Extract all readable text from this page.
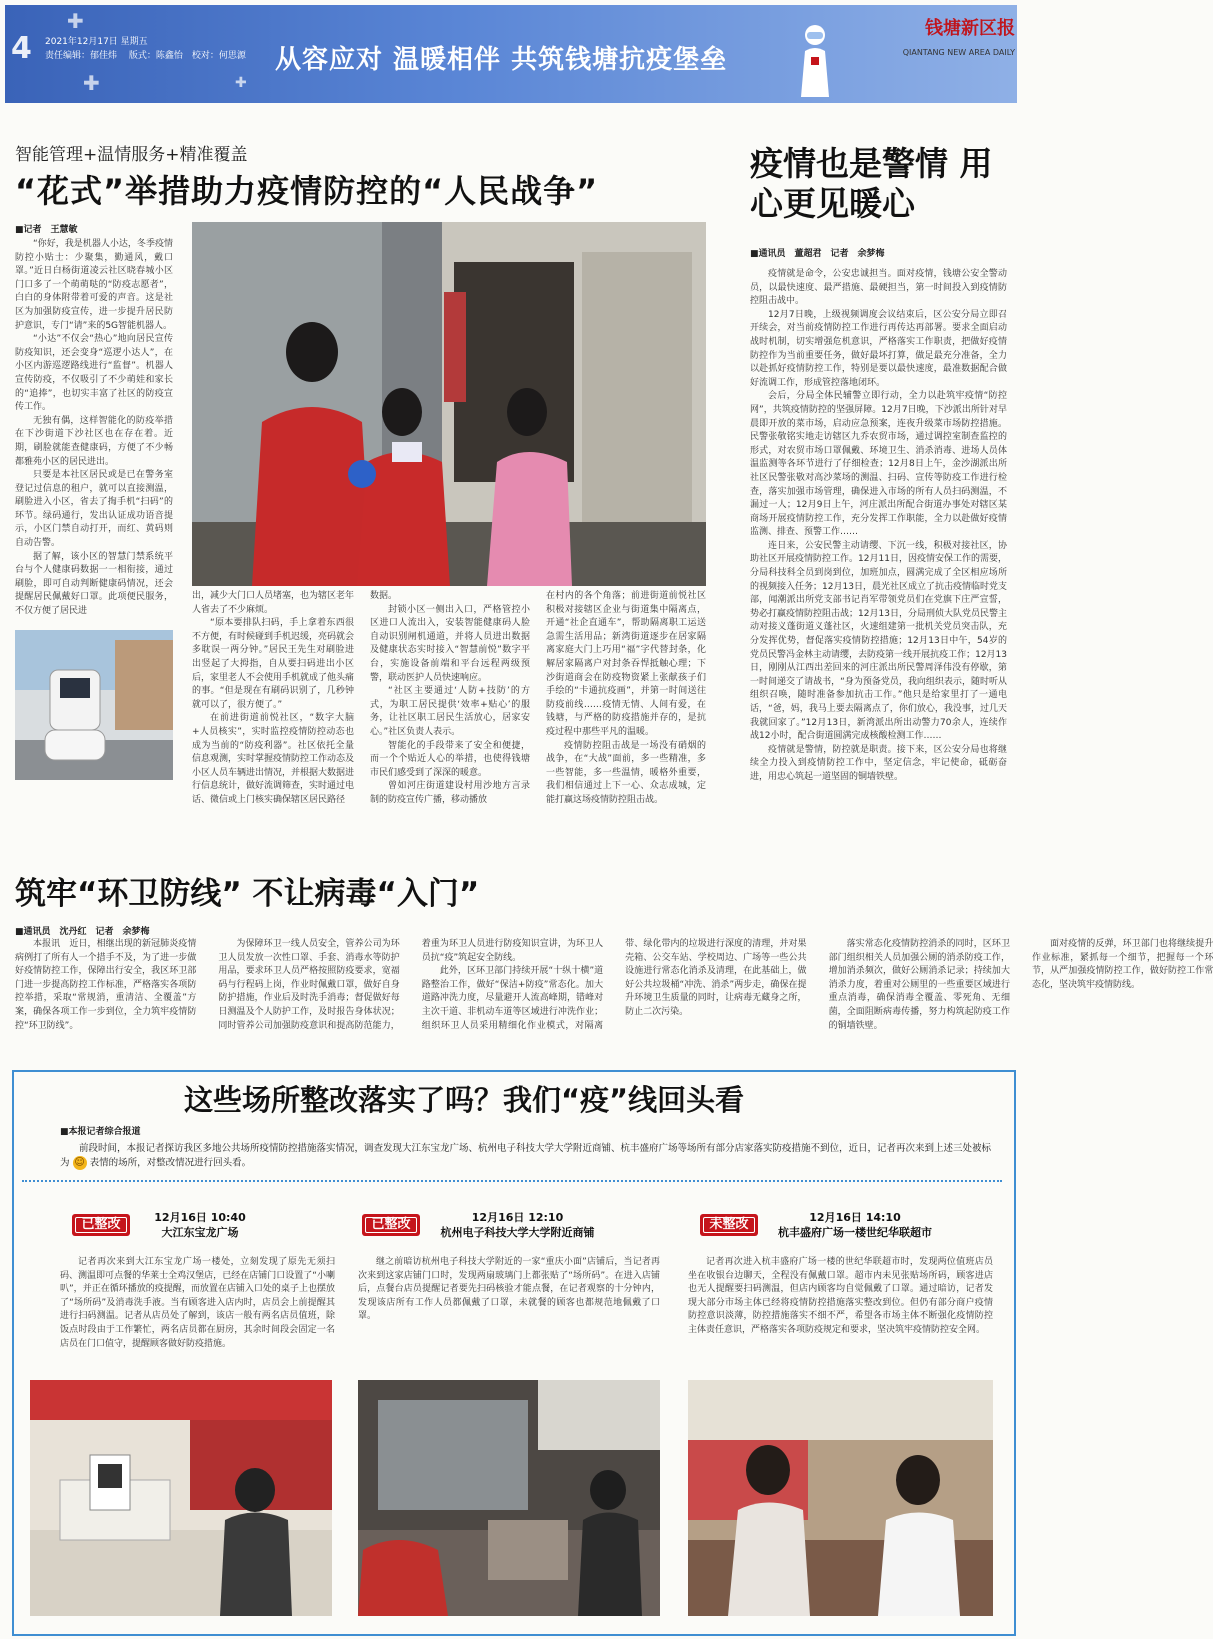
4
✚
✚	✚
2021年12月17日 星期五
责任编辑：郁佳炜　 版式：陈鑫怡　校对：何思源 从容应对 温暖相伴 共筑钱塘抗疫堡垒
钱塘新区报
QIANTANG NEW AREA DAILY
智能管理+温情服务+精准覆盖
“花式”举措助力疫情防控的“人民战争”
■记者　王慧敏

“你好，我是机器人小达，冬季疫情防控小贴士：少聚集，勤通风，戴口罩。”近日白杨街道凌云社区晓春城小区门口多了一个萌萌哒的“防疫志愿者”，白白的身体附带着可爱的声音。这是社区为加强防疫宣传，进一步提升居民防护意识，专门“请”来的5G智能机器人。

“小达”不仅会“热心”地向居民宣传防疫知识，还会变身“巡逻小达人”，在小区内游巡逻路线进行“监督”。机器人宣传防疫，不仅吸引了不少萌娃和家长的“追捧”，也切实丰富了社区的防疫宣传工作。

无独有偶，这样智能化的防疫举措在下沙街道下沙社区也在存在着。近期，刷脸就能查健康码，方便了不少畅都雅苑小区的居民进出。

只要是本社区居民或是已在警务室登记过信息的租户，就可以直接测温，刷脸进入小区，省去了掏手机“扫码”的环节。绿码通行，发出认证成功语音提示，小区门禁自动打开，而红、黄码则自动告警。

据了解，该小区的智慧门禁系统平台与个人健康码数据一一相衔接，通过刷脸，即可自动判断健康码情况，还会提醒居民佩戴好口罩。此项便民服务，不仅方便了居民进

出，减少大门口人员堵塞，也为辖区老年人省去了不少麻烦。

“原本要排队扫码，手上拿着东西很不方便，有时候碰到手机迟缓，亮码就会多耽误一两分钟。”居民王先生对刷脸进出竖起了大拇指，自从要扫码进出小区后，家里老人不会使用手机就成了他头痛的事。“但是现在有刷码识别了，几秒钟就可以了，很方便了。”

在前进街道前悦社区，“数字大脑+人员核实”，实时监控疫情防控动态也成为当前的“防疫利器”。社区依托全量信息观测，实时掌握疫情防控工作动态及小区人员车辆进出情况，并根据大数据进行信息统计，做好流调筛查，实时通过电话、微信或上门核实确保辖区居民路径

数据。

封锁小区一侧出入口，严格管控小区进口人流出入，安装智能健康码人脸自动识别闸机通道，并将人员进出数据及健康状态实时接入“智慧前悦”数字平台，实施设备前端和平台远程两级预警，联动医护人员快速响应。

“社区主要通过‘人防+技防’的方式，为职工居民提供‘效率+贴心’的服务，让社区职工居民生活放心，居家安心。”社区负责人表示。

智能化的手段带来了安全和便捷，而一个个贴近人心的举措，也使得钱塘市民们感受到了深深的暖意。

曾如河庄街道建设村用沙地方言录制的防疫宣传广播，移动播放

在村内的各个角落；前进街道前悦社区积极对接辖区企业与街道集中隔离点，开通“社企直通车”，帮助隔离职工运送急需生活用品；新湾街道逐步在居家隔离家庭大门上巧用“福”字代替封条，化解居家隔离户对封条吞悍抵触心理；下沙街道商会在防疫物资紧上张献孩子们手绘的“卡通抗疫画”，并第一时间送往防疫前线……疫情无情、人间有爱，在钱塘，与严格的防疫措施并存的，是抗疫过程中那些平凡的温暖。

疫情防控阻击战是一场没有硝烟的战争，在“大战”面前，多一些精准，多一些智能，多一些温情，暖格外重要，我们相信通过上下一心、众志成城，定能打赢这场疫情防控阻击战。

疫情也是警情 用心更见暖心
■通讯员　董超君　记者　余梦梅

疫情就是命令，公安忠诚担当。面对疫情，钱塘公安全警动员，以最快速度、最严措施、最硬担当，第一时间投入到疫情防控阻击战中。

12月7日晚，上级视频调度会议结束后，区公安分局立即召开续会，对当前疫情防控工作进行再传达再部署。要求全面启动战时机制，切实增强危机意识，严格落实工作职责，把做好疫情防控作为当前重要任务，做好最坏打算，做足最充分准备，全力以赴抓好疫情防控工作，特别是要以最快速度，最准数据配合做好流调工作，形成管控落地闭环。

会后，分局全体民辅警立即行动，全力以赴筑牢疫情“防控网”，共筑疫情防控的坚强屏障。12月7日晚，下沙派出所针对早晨即开放的菜市场，启动应急预案，连夜升级菜市场防控措施。民警张敬铭实地走访辖区九乔农贸市场，通过调控室制查监控的形式，对农贸市场口罩佩戴、环境卫生、消杀消毒、进场人员体温监测等各环节进行了仔细检查；12月8日上午，金沙湖派出所社区民警张敬对高沙菜场的测温、扫码、宣传等防疫工作进行检查，落实加强市场管理，确保进入市场的所有人员扫码测温，不漏过一人；12月9日上午，河庄派出所配合街道办事处对辖区某商场开展疫情防控工作，充分发挥工作职能，全力以赴做好疫情监测、排查、预警工作……

连日来，公安民警主动请缨、下沉一线，积极对接社区，协助社区开展疫情防控工作。12月11日，因疫情安保工作的需要，分局科技科全员到岗到位，加班加点，圆满完成了全区相应场所的视频接入任务；12月13日，晨光社区成立了抗击疫情临时党支部，闻潮派出所党支部书记肖军带领党员们在党旗下庄严宣誓，势必打赢疫情防控阻击战；12月13日，分局刑侦大队党员民警主动对接义蓬街道义蓬社区，火速组建第一批机关党员突击队，充分发挥优势，督促落实疫情防控措施；12月13日中午，54岁的党员民警冯金林主动请缨，去防疫第一线开展抗疫工作；12月13日，刚刚从江西出差回来的河庄派出所民警周泽伟没有停歇，第一时间递交了请战书，“身为预备党员，我向组织表示，随时听从组织召唤，随时准备参加抗击工作。”他只是给家里打了一通电话，“爸，妈，我马上要去隔离点了，你们放心，我没事，过几天我就回家了。”12月13日，新湾派出所出动警力70余人，连续作战12小时，配合街道圆满完成核酸检测工作……

疫情就是警情，防控就是职责。接下来，区公安分局也将继续全力投入到疫情防控工作中，坚定信念，牢记使命，砥砺奋进，用忠心筑起一道坚固的铜墙铁壁。

筑牢“环卫防线” 不让病毒“入门”
■通讯员　沈丹红　记者　余梦梅

本报讯　近日，相继出现的新冠肺炎疫情病例打了所有人一个措手不及，为了进一步做好疫情防控工作，保障出行安全，我区环卫部门进一步提高防控工作标准，严格落实各项防控举措，采取“常规消，重清洁、全覆盖”方案，确保各项工作一步到位，全力筑牢疫情防控“环卫防线”。

为保障环卫一线人员安全，管养公司为环卫人员发放一次性口罩、手套、消毒水等防护用品，要求环卫人员严格按照防疫要求，宽福码与行程码上岗，作业时佩戴口罩，做好自身防护措施，作业后及时洗手消毒；督促做好每日测温及个人防护工作，及时报告身体状况；同时管养公司加强防疫意识和提高防范能力，着重为环卫人员进行防疫知识宣讲，为环卫人员抗“疫”筑起安全防线。

此外，区环卫部门持续开展“十纵十横”道路整治工作，做好“保洁+防疫”常态化。加大道路冲洗力度，尽量避开人流高峰期，错峰对主次干道、非机动车道等区域进行冲洗作业；组织环卫人员采用精细化作业模式，对隔离带、绿化带内的垃圾进行深度的清理，并对果壳箱、公交车站、学校周边、广场等一些公共设施进行常态化消杀及清理，在此基础上，做好公共垃圾桶“冲洗、消杀”两步走，确保在提升环境卫生质量的同时，让病毒无藏身之所，防止二次污染。

落实常态化疫情防控消杀的同时，区环卫部门组织相关人员加强公厕的消杀防疫工作，增加消杀频次，做好公厕消杀记录；持续加大消杀力度，着重对公厕里的一些重要区域进行重点消毒，确保消毒全覆盖、零死角、无细菌，全面阻断病毒传播，努力构筑起防疫工作的铜墙铁壁。

面对疫情的反弹，环卫部门也将继续提升作业标准，紧抓每一个细节，把握每一个环节，从严加强疫情防控工作，做好防控工作常态化，坚决筑牢疫情防线。

这些场所整改落实了吗？我们“疫”线回头看
■本报记者综合报道
前段时间，本报记者探访我区多地公共场所疫情防控措施落实情况，调查发现大江东宝龙广场、杭州电子科技大学大学附近商铺、杭丰盛府广场等场所有部分店家落实防疫措施不到位，近日，记者再次来到上述三处被标为 ☺ 表情的场所，对整改情况进行回头看。
已整改	12月16日 10:40
大江东宝龙广场

记者再次来到大江东宝龙广场一楼处，立刻发现了原先无须扫码、测温即可点餐的华莱士全鸡汉堡店，已经在店铺门口设置了“小喇叭”，并正在循环播放的疫提醒，而放置在店铺入口处的桌子上也摆放了“场所码”及消毒洗手液。当有顾客进入店内时，店员会上前提醒其进行扫码测温。记者从店员处了解到，该店一般有两名店员值班，除饭点时段由于工作繁忙，两名店员都在厨房，其余时间段会固定一名店员在门口值守，提醒顾客做好防疫措施。

已整改	12月16日 12:10
杭州电子科技大学大学附近商铺

继之前暗访杭州电子科技大学附近的一家“重庆小面”店铺后，当记者再次来到这家店铺门口时，发现两扇玻璃门上都张贴了“场所码”。在进入店铺后，点餐台店员提醒记者要先扫码核验才能点餐，在记者观察的十分钟内，发现该店所有工作人员都佩戴了口罩，未就餐的顾客也都规范地佩戴了口罩。

未整改	12月16日 14:10
杭丰盛府广场一楼世纪华联超市

记者再次进入杭丰盛府广场一楼的世纪华联超市时，发现两位值班店员坐在收银台边聊天，全程没有佩戴口罩。超市内未见张贴场所码，顾客进店也无人提醒要扫码测温，但店内顾客均自觉佩戴了口罩。通过暗访，记者发现大部分市场主体已经将疫情防控措施落实整改到位。但仍有部分商户疫情防控意识淡薄，防控措施落实不细不严，希望各市场主体不断强化疫情防控主体责任意识，严格落实各项防疫规定和要求，坚决筑牢疫情防控安全网。
